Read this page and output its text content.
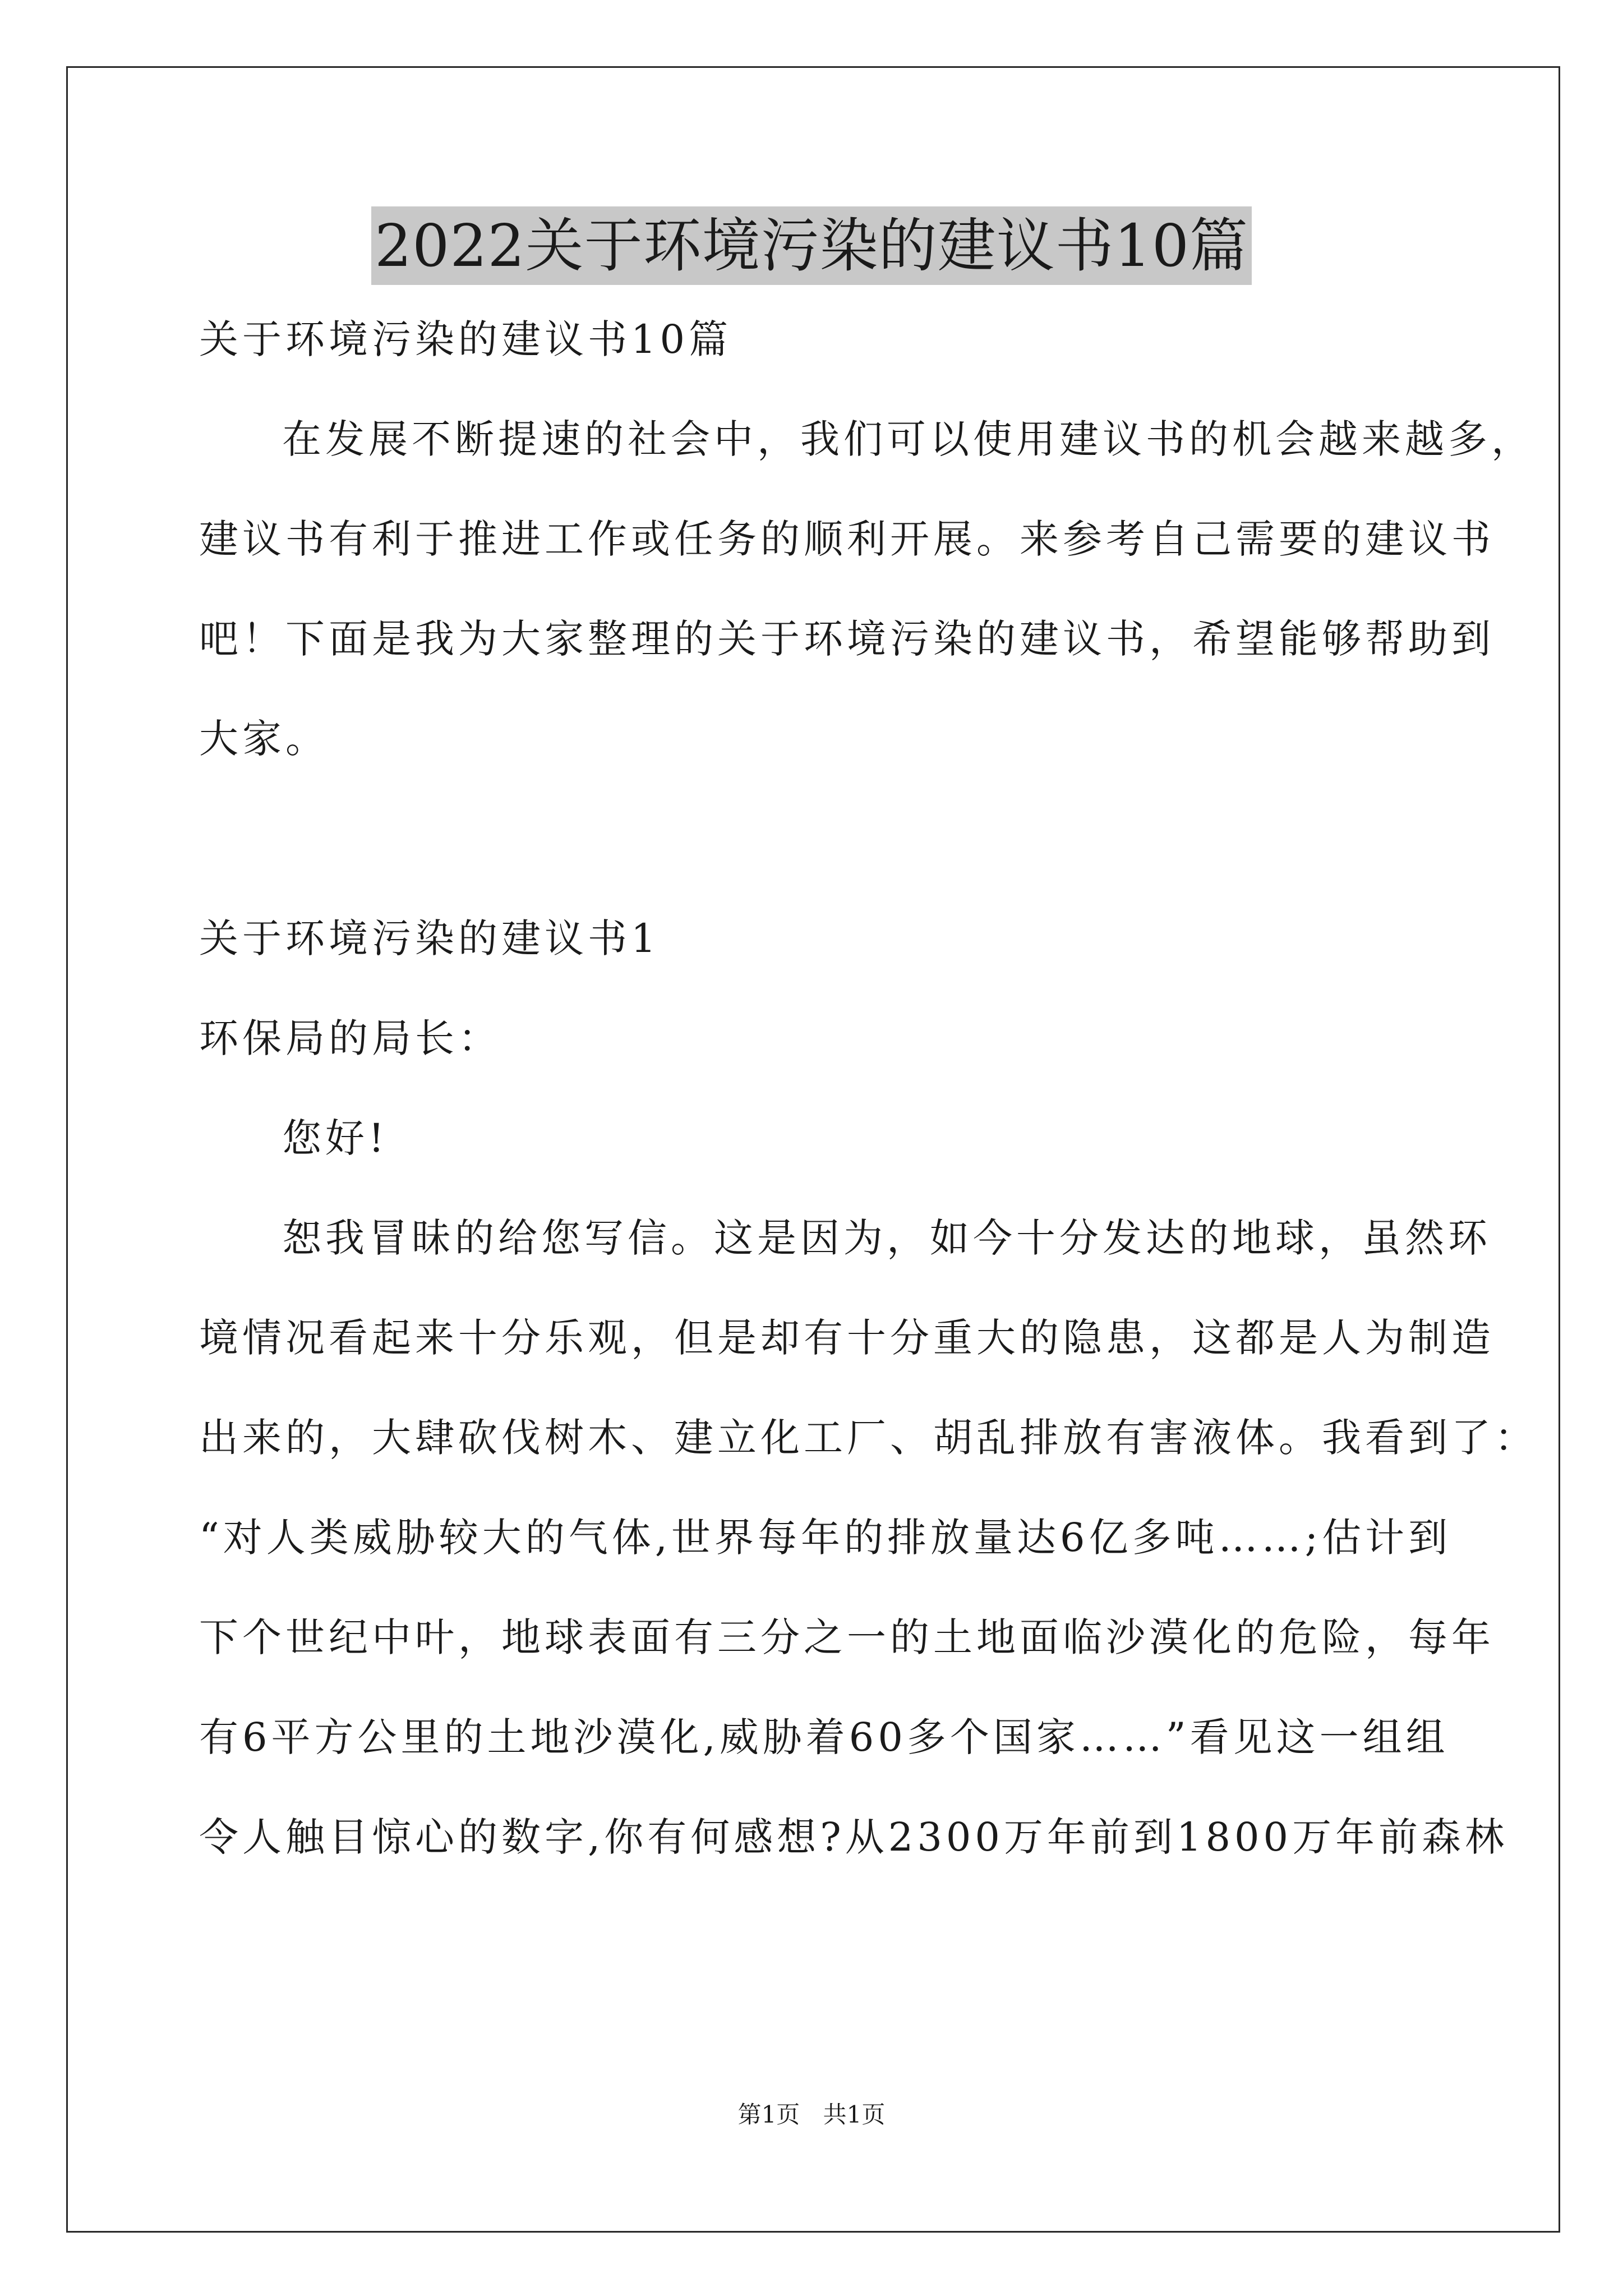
2022关于环境污染的建议书10篇
关于环境污染的建议书10篇
在发展不断提速的社会中，我们可以使用建议书的机会越来越多，
建议书有利于推进工作或任务的顺利开展。来参考自己需要的建议书
吧！下面是我为大家整理的关于环境污染的建议书，希望能够帮助到
大家。
关于环境污染的建议书1
环保局的局长：
您好!
恕我冒昧的给您写信。这是因为，如今十分发达的地球，虽然环
境情况看起来十分乐观，但是却有十分重大的隐患，这都是人为制造
出来的，大肆砍伐树木、建立化工厂、胡乱排放有害液体。我看到了：
“对人类威胁较大的气体,世界每年的排放量达6亿多吨……;估计到
下个世纪中叶，地球表面有三分之一的土地面临沙漠化的危险，每年
有6平方公里的土地沙漠化,威胁着60多个国家……”看见这一组组
令人触目惊心的数字,你有何感想?从2300万年前到1800万年前森林
第1页 共1页
